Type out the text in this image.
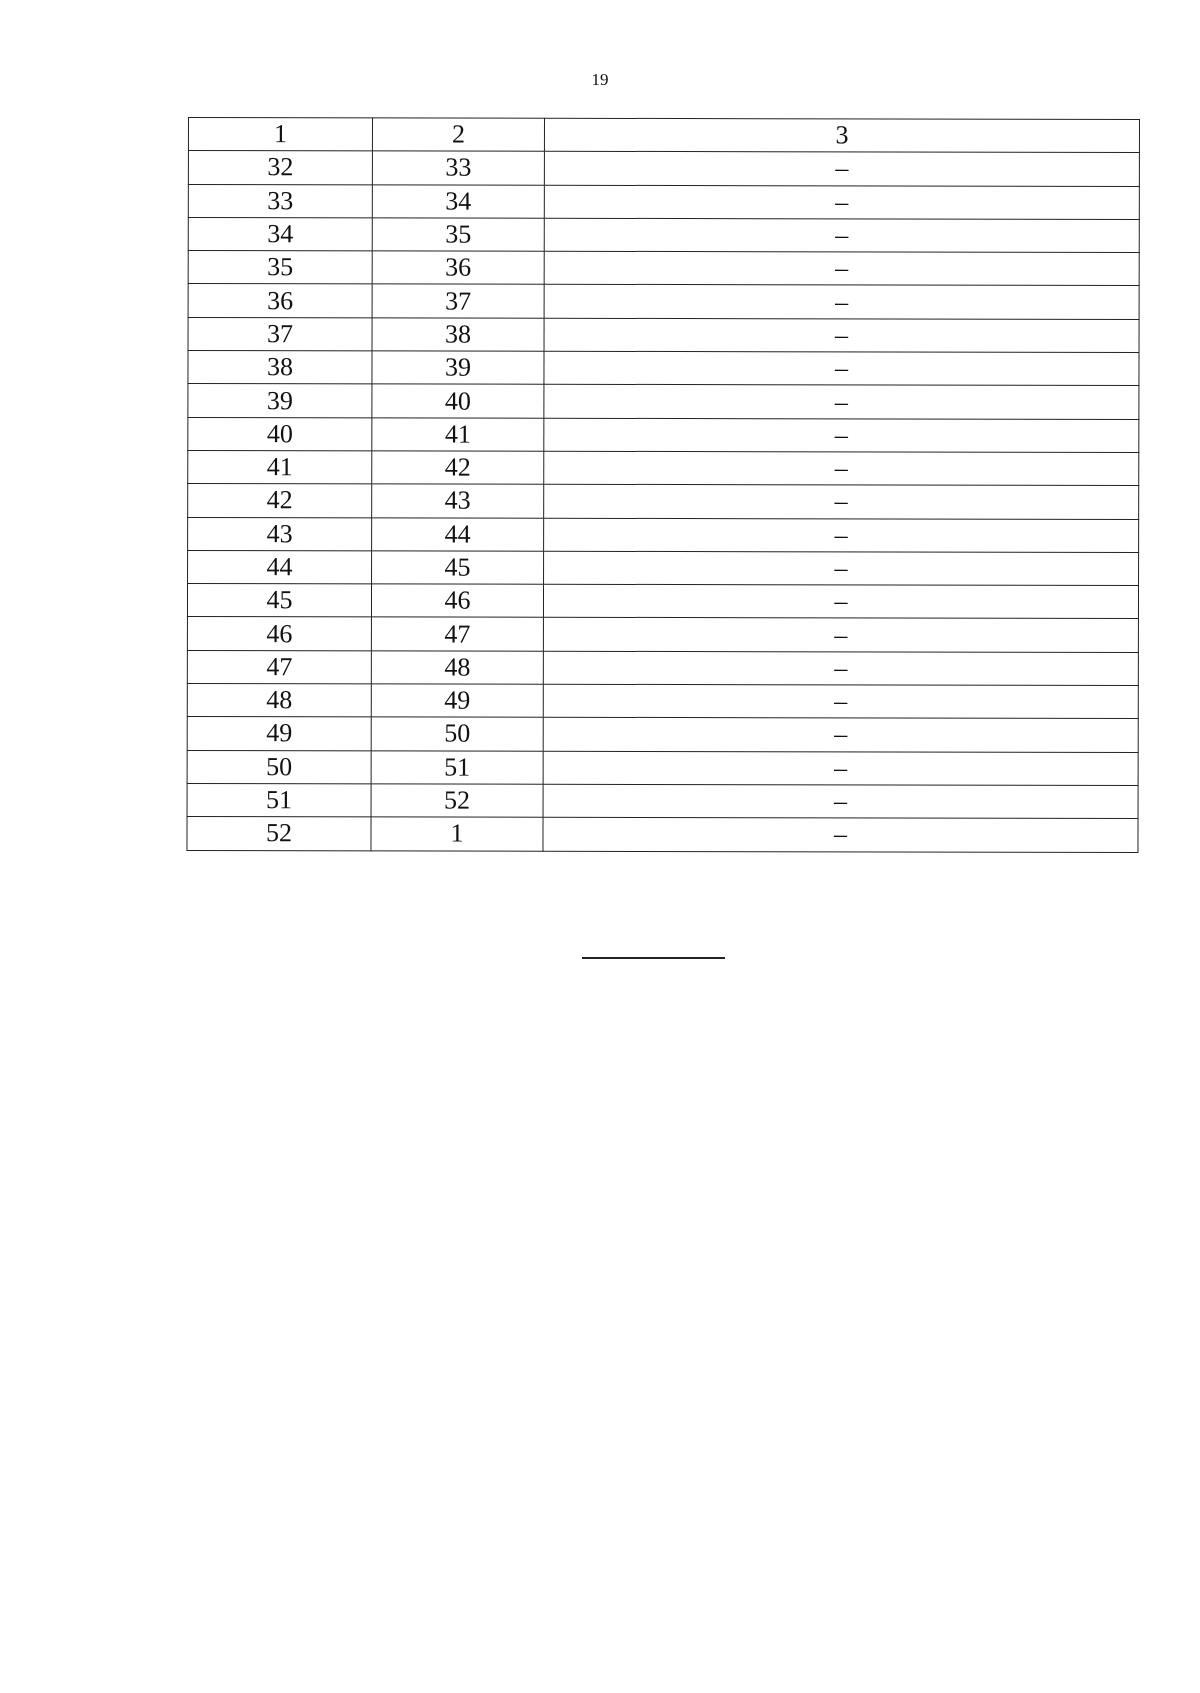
19
1	2	3
32	33	–
33	34	–
34	35	–
35	36	–
36	37	–
37	38	–
38	39	–
39	40	–
40	41	–
41	42	–
42	43	–
43	44	–
44	45	–
45	46	–
46	47	–
47	48	–
48	49	–
49	50	–
50	51	–
51	52	–
52	1	–
